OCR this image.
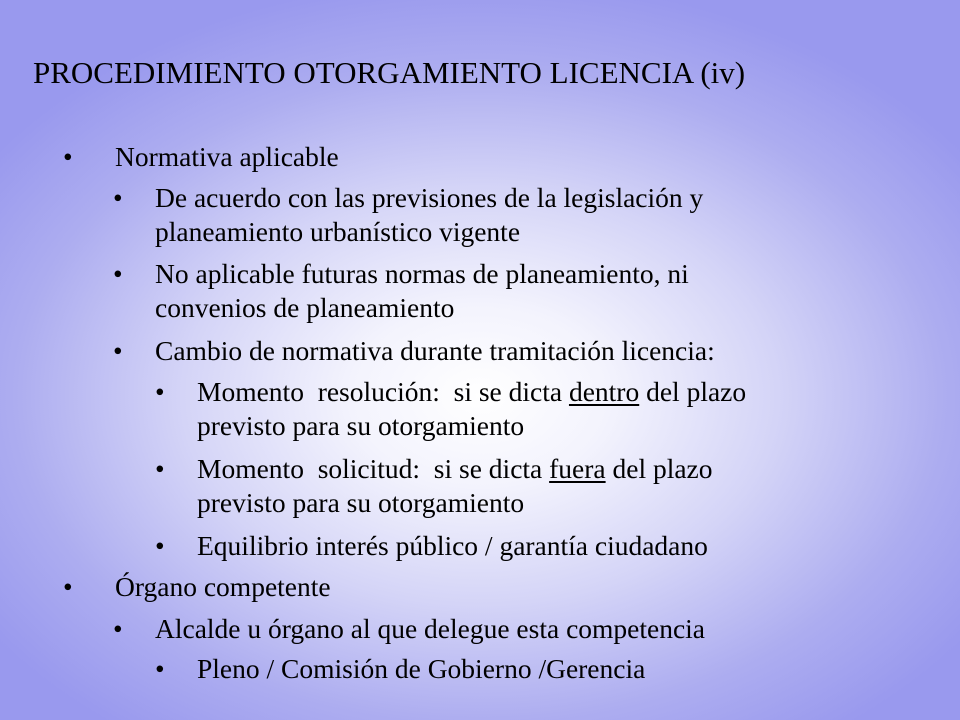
PROCEDIMIENTO OTORGAMIENTO LICENCIA (iv)
• Normativa aplicable
• De acuerdo con las previsiones de la legislación y
planeamiento urbanístico vigente
• No aplicable futuras normas de planeamiento, ni
convenios de planeamiento
• Cambio de normativa durante tramitación licencia:
• Momento  resolución:  si se dicta dentro del plazo
previsto para su otorgamiento
• Momento  solicitud:  si se dicta fuera del plazo
previsto para su otorgamiento
• Equilibrio interés público / garantía ciudadano
• Órgano competente
• Alcalde u órgano al que delegue esta competencia
• Pleno / Comisión de Gobierno /Gerencia
